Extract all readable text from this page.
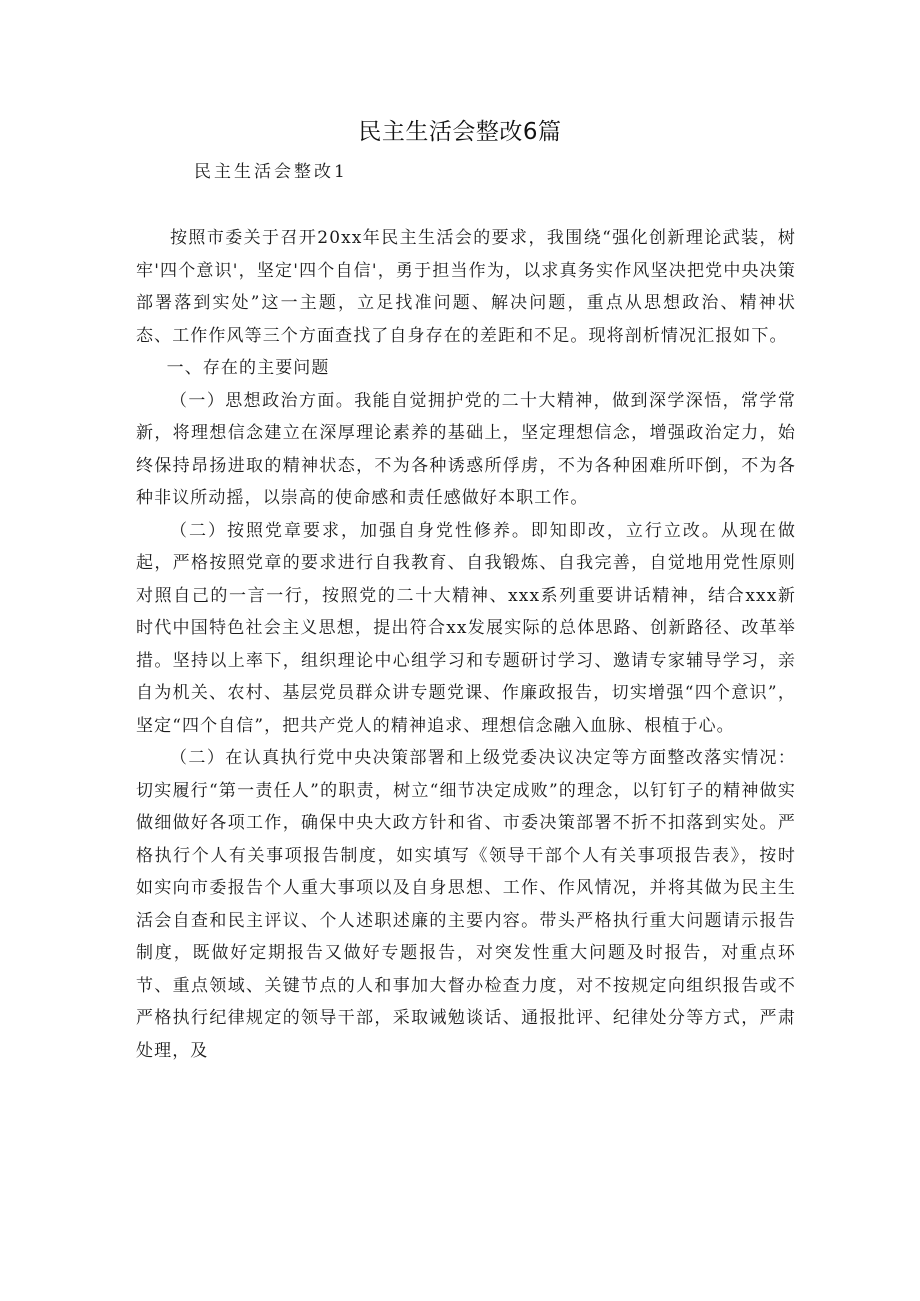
民主生活会整改6篇
民主生活会整改1

按照市委关于召开20xx年民主生活会的要求，我围绕“强化创新理论武装，树牢'四个意识'，坚定'四个自信'，勇于担当作为，以求真务实作风坚决把党中央决策部署落到实处”这一主题，立足找准问题、解决问题，重点从思想政治、精神状态、工作作风等三个方面查找了自身存在的差距和不足。现将剖析情况汇报如下。

一、存在的主要问题

（一）思想政治方面。我能自觉拥护党的二十大精神，做到深学深悟，常学常新，将理想信念建立在深厚理论素养的基础上，坚定理想信念，增强政治定力，始终保持昂扬进取的精神状态，不为各种诱惑所俘虏，不为各种困难所吓倒，不为各种非议所动摇，以崇高的使命感和责任感做好本职工作。

（二）按照党章要求，加强自身党性修养。即知即改，立行立改。从现在做起，严格按照党章的要求进行自我教育、自我锻炼、自我完善，自觉地用党性原则对照自己的一言一行，按照党的二十大精神、xxx系列重要讲话精神，结合xxx新时代中国特色社会主义思想，提出符合xx发展实际的总体思路、创新路径、改革举措。坚持以上率下，组织理论中心组学习和专题研讨学习、邀请专家辅导学习，亲自为机关、农村、基层党员群众讲专题党课、作廉政报告，切实增强“四个意识”，坚定“四个自信”，把共产党人的精神追求、理想信念融入血脉、根植于心。

（二）在认真执行党中央决策部署和上级党委决议决定等方面整改落实情况：切实履行“第一责任人”的职责，树立“细节决定成败”的理念，以钉钉子的精神做实做细做好各项工作，确保中央大政方针和省、市委决策部署不折不扣落到实处。严格执行个人有关事项报告制度，如实填写《领导干部个人有关事项报告表》，按时如实向市委报告个人重大事项以及自身思想、工作、作风情况，并将其做为民主生活会自查和民主评议、个人述职述廉的主要内容。带头严格执行重大问题请示报告制度，既做好定期报告又做好专题报告，对突发性重大问题及时报告，对重点环节、重点领域、关键节点的人和事加大督办检查力度，对不按规定向组织报告或不严格执行纪律规定的领导干部，采取诫勉谈话、通报批评、纪律处分等方式，严肃处理，及
